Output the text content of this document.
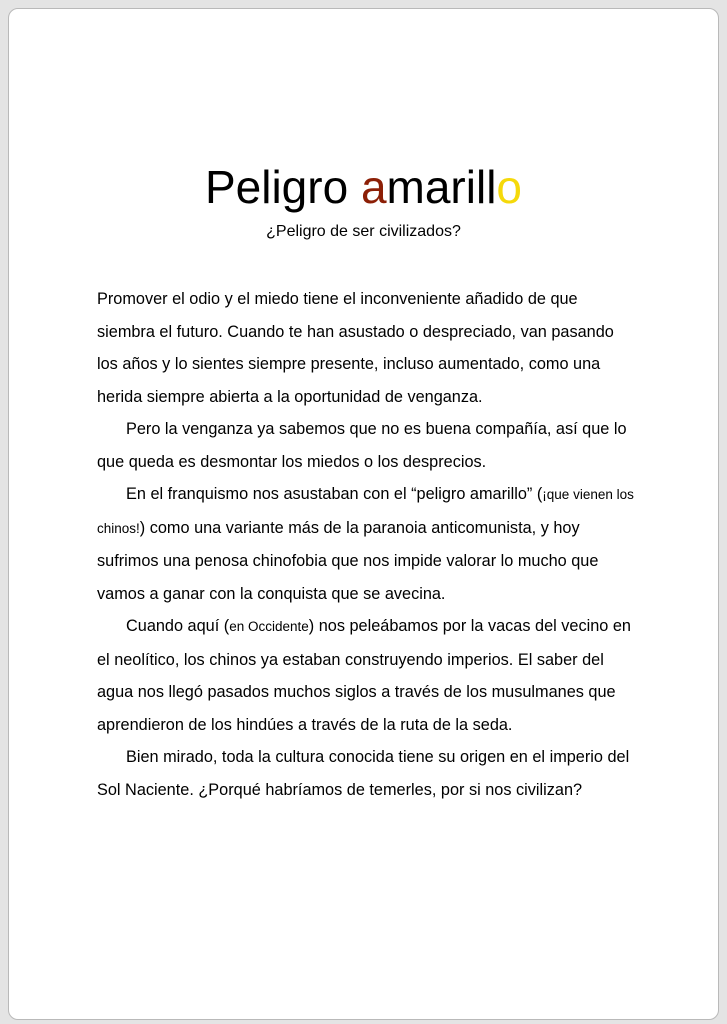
Peligro amarillo
¿Peligro de ser civilizados?

Promover el odio y el miedo tiene el inconveniente añadido de que siembra el futuro. Cuando te han asustado o despreciado, van pasando los años y lo sientes siempre presente, incluso aumentado, como una herida siempre abierta a la oportunidad de venganza.

Pero la venganza ya sabemos que no es buena compañía, así que lo que queda es desmontar los miedos o los desprecios.

En el franquismo nos asustaban con el “peligro amarillo” (¡que vienen los chinos!) como una variante más de la paranoia anticomunista, y hoy sufrimos una penosa chinofobia que nos impide valorar lo mucho que vamos a ganar con la conquista que se avecina.

Cuando aquí (en Occidente) nos peleábamos por la vacas del vecino en el neolítico, los chinos ya estaban construyendo imperios. El saber del agua nos llegó pasados muchos siglos a través de los musulmanes que aprendieron de los hindúes a través de la ruta de la seda.

Bien mirado, toda la cultura conocida tiene su origen en el imperio del Sol Naciente. ¿Porqué habríamos de temerles, por si nos civilizan?
